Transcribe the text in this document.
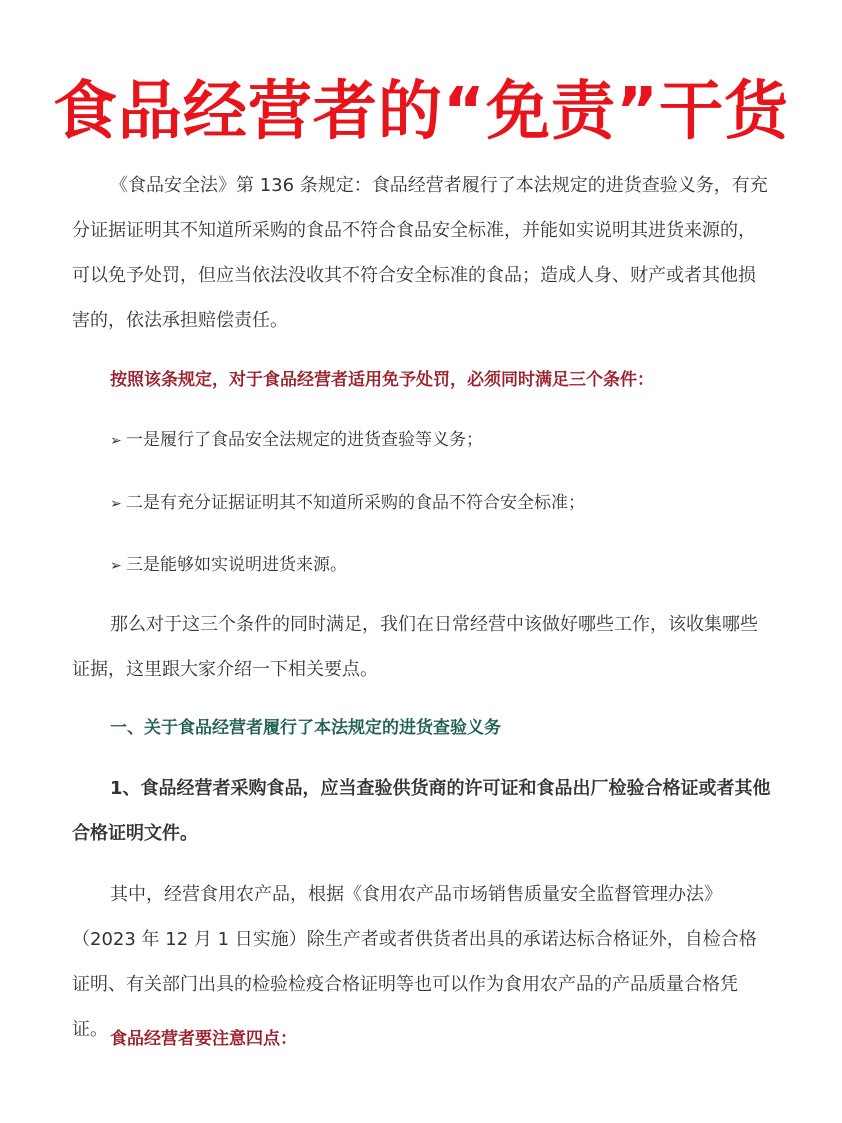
食品经营者的“免责”干货

《食品安全法》第 136 条规定：食品经营者履行了本法规定的进货查验义务，有充分证据证明其不知道所采购的食品不符合食品安全标准，并能如实说明其进货来源的，可以免予处罚，但应当依法没收其不符合安全标准的食品；造成人身、财产或者其他损害的，依法承担赔偿责任。

按照该条规定，对于食品经营者适用免予处罚，必须同时满足三个条件：
➢ 一是履行了食品安全法规定的进货查验等义务；
➢ 二是有充分证据证明其不知道所采购的食品不符合安全标准；
➢ 三是能够如实说明进货来源。

那么对于这三个条件的同时满足，我们在日常经营中该做好哪些工作，该收集哪些证据，这里跟大家介绍一下相关要点。

一、关于食品经营者履行了本法规定的进货查验义务

1、食品经营者采购食品，应当查验供货商的许可证和食品出厂检验合格证或者其他合格证明文件。

其中，经营食用农产品，根据《食用农产品市场销售质量安全监督管理办法》（2023 年 12 月 1 日实施）除生产者或者供货者出具的承诺达标合格证外，自检合格证明、有关部门出具的检验检疫合格证明等也可以作为食用农产品的产品质量合格凭证。 食品经营者要注意四点：
